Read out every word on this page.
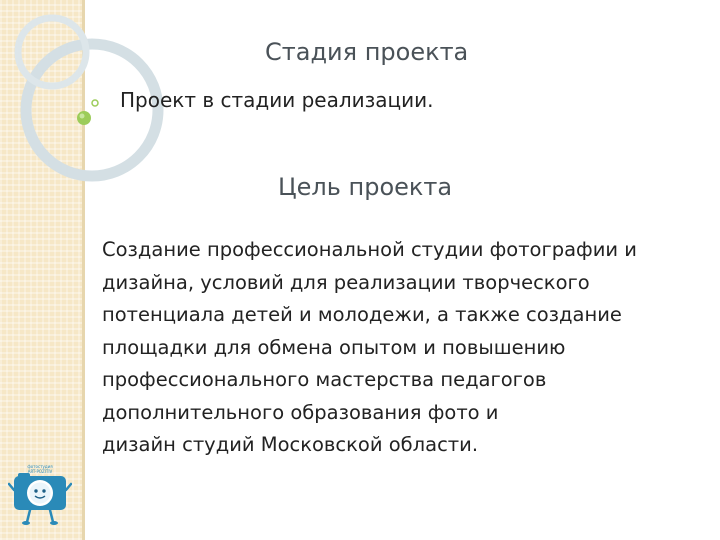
Стадия проекта

Проект в стадии реализации.

Цель проекта

Создание профессиональной студии фотографии и
дизайна, условий для реализации творческого
потенциала детей и молодежи, а также создание
площадки для обмена опытом и повышению
профессионального мастерства педагогов
дополнительного образования фото и
дизайн студий Московской области.

фотостудия
ART-POZITIV
